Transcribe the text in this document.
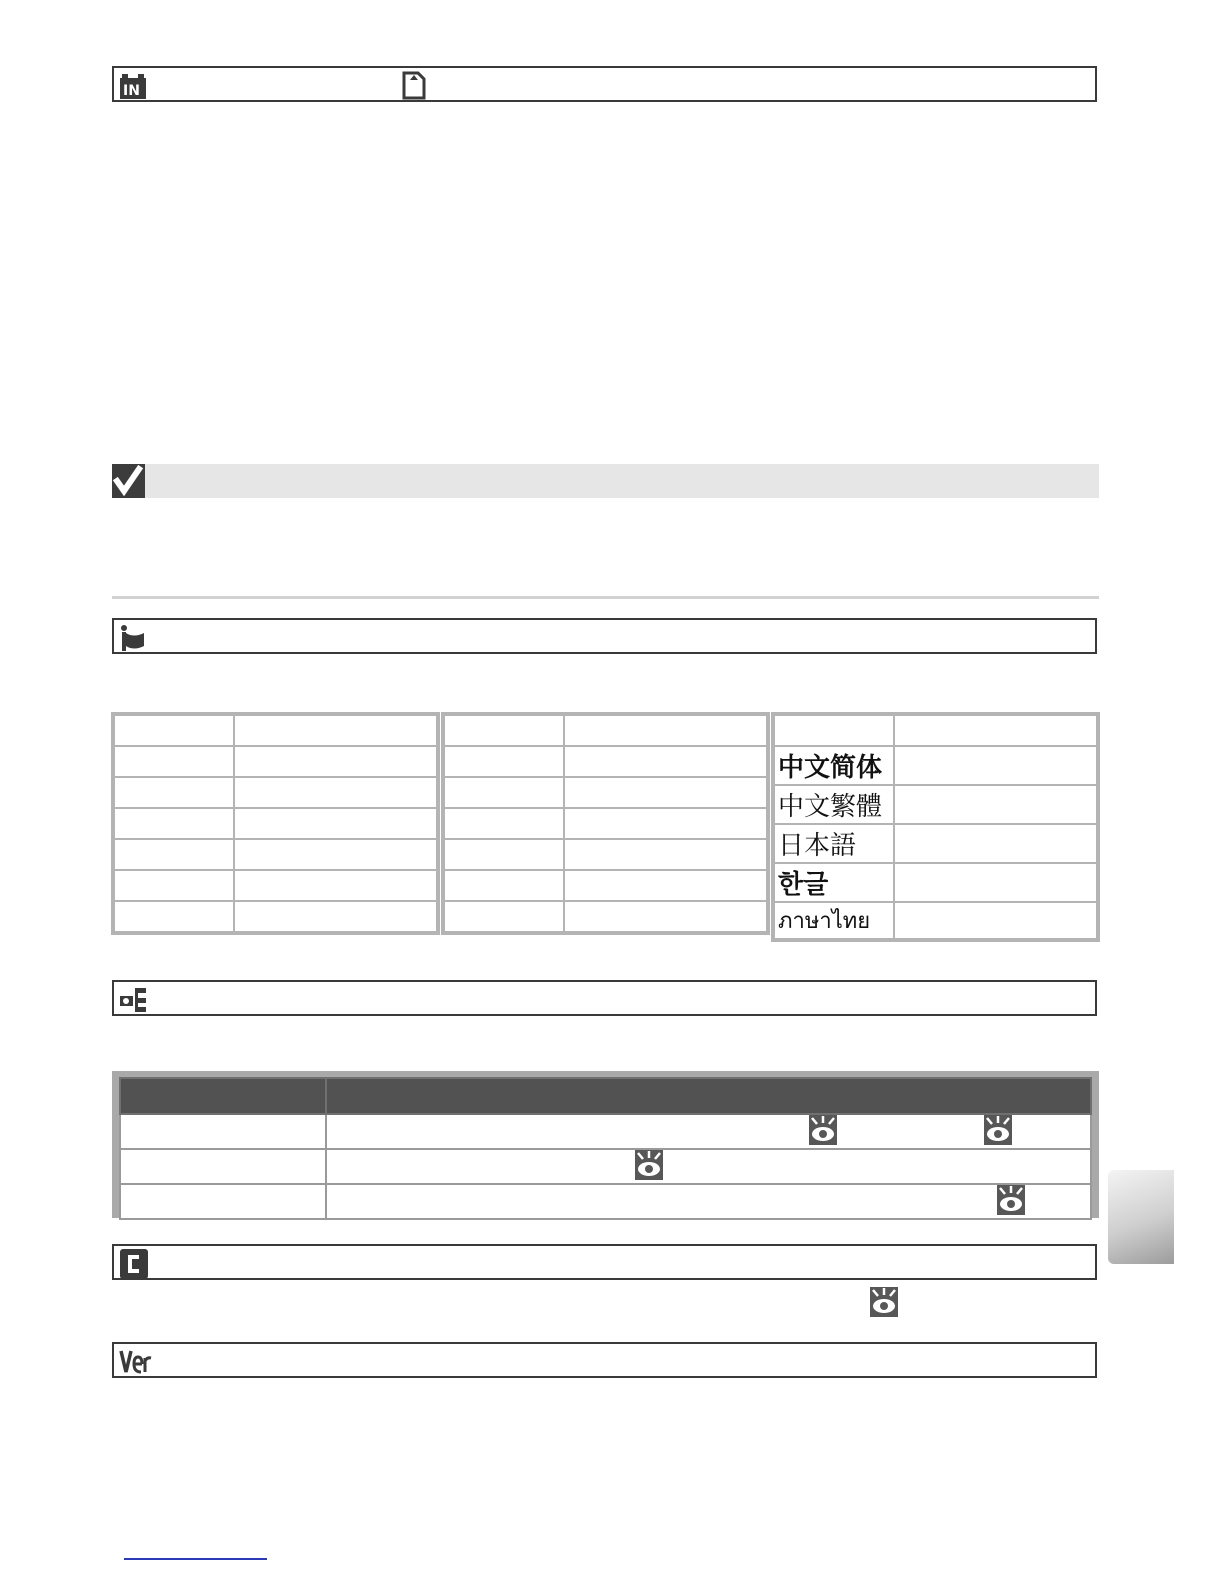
IN

中文简体	
中文繁體	
日本語	
한글	
ภาษาไทย	
